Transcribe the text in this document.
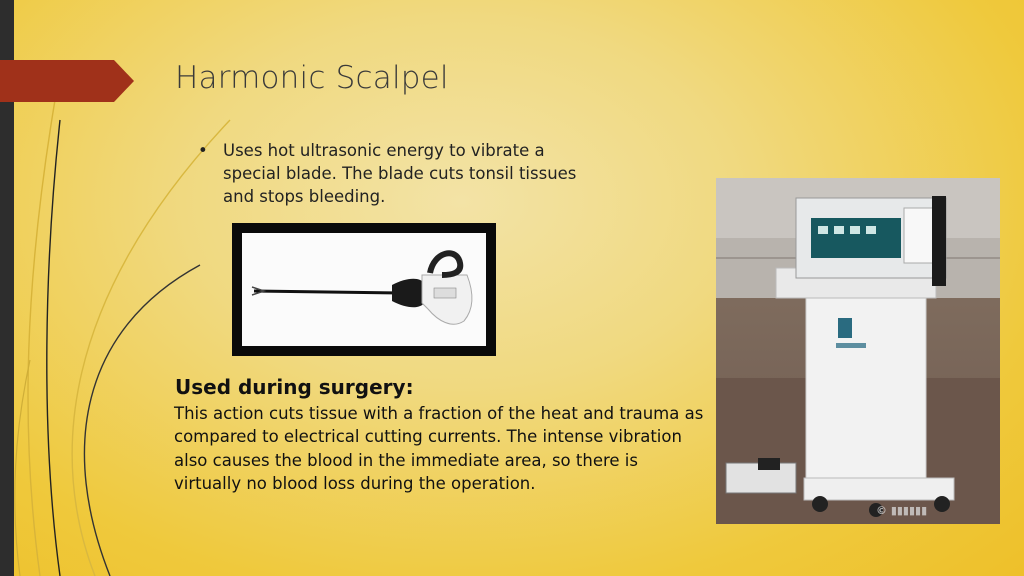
Harmonic Scalpel
• Uses hot ultrasonic energy to vibrate a special blade. The blade cuts tonsil tissues and stops bleeding.
Used during surgery:
This action cuts tissue with a fraction of the heat and trauma as compared to electrical cutting currents. The intense vibration also causes the blood in the immediate area, so there is virtually no blood loss during the operation.
© ▮▮▮▮▮▮
